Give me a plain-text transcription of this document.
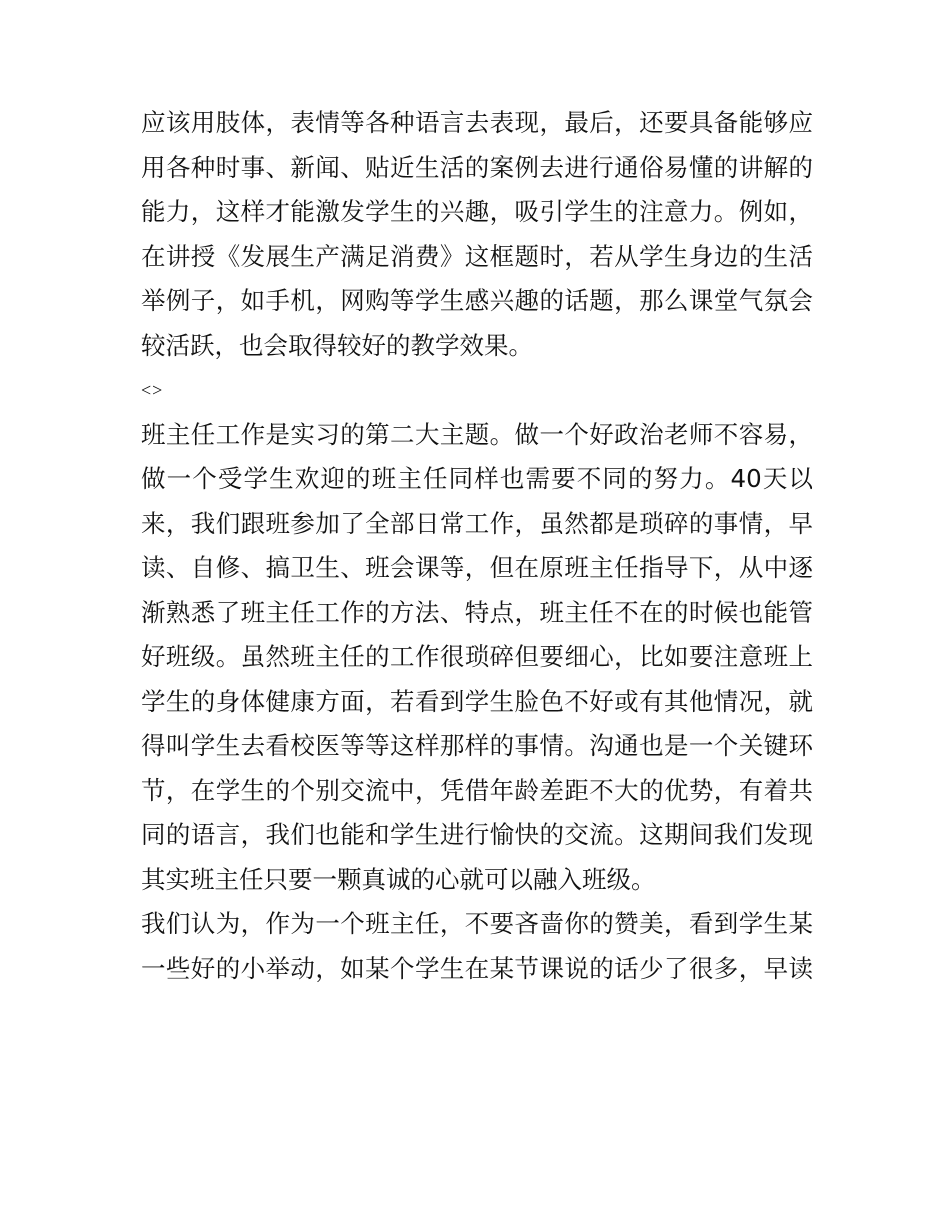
应该用肢体，表情等各种语言去表现，最后，还要具备能够应
用各种时事、新闻、贴近生活的案例去进行通俗易懂的讲解的
能力，这样才能激发学生的兴趣，吸引学生的注意力。例如，
在讲授《发展生产满足消费》这框题时，若从学生身边的生活
举例子，如手机，网购等学生感兴趣的话题，那么课堂气氛会
较活跃，也会取得较好的教学效果。
<>
班主任工作是实习的第二大主题。做一个好政治老师不容易，
做一个受学生欢迎的班主任同样也需要不同的努力。40天以
来，我们跟班参加了全部日常工作，虽然都是琐碎的事情，早
读、自修、搞卫生、班会课等，但在原班主任指导下，从中逐
渐熟悉了班主任工作的方法、特点，班主任不在的时候也能管
好班级。虽然班主任的工作很琐碎但要细心，比如要注意班上
学生的身体健康方面，若看到学生脸色不好或有其他情况，就
得叫学生去看校医等等这样那样的事情。沟通也是一个关键环
节，在学生的个别交流中，凭借年龄差距不大的优势，有着共
同的语言，我们也能和学生进行愉快的交流。这期间我们发现
其实班主任只要一颗真诚的心就可以融入班级。
我们认为，作为一个班主任，不要吝啬你的赞美，看到学生某
一些好的小举动，如某个学生在某节课说的话少了很多，早读
